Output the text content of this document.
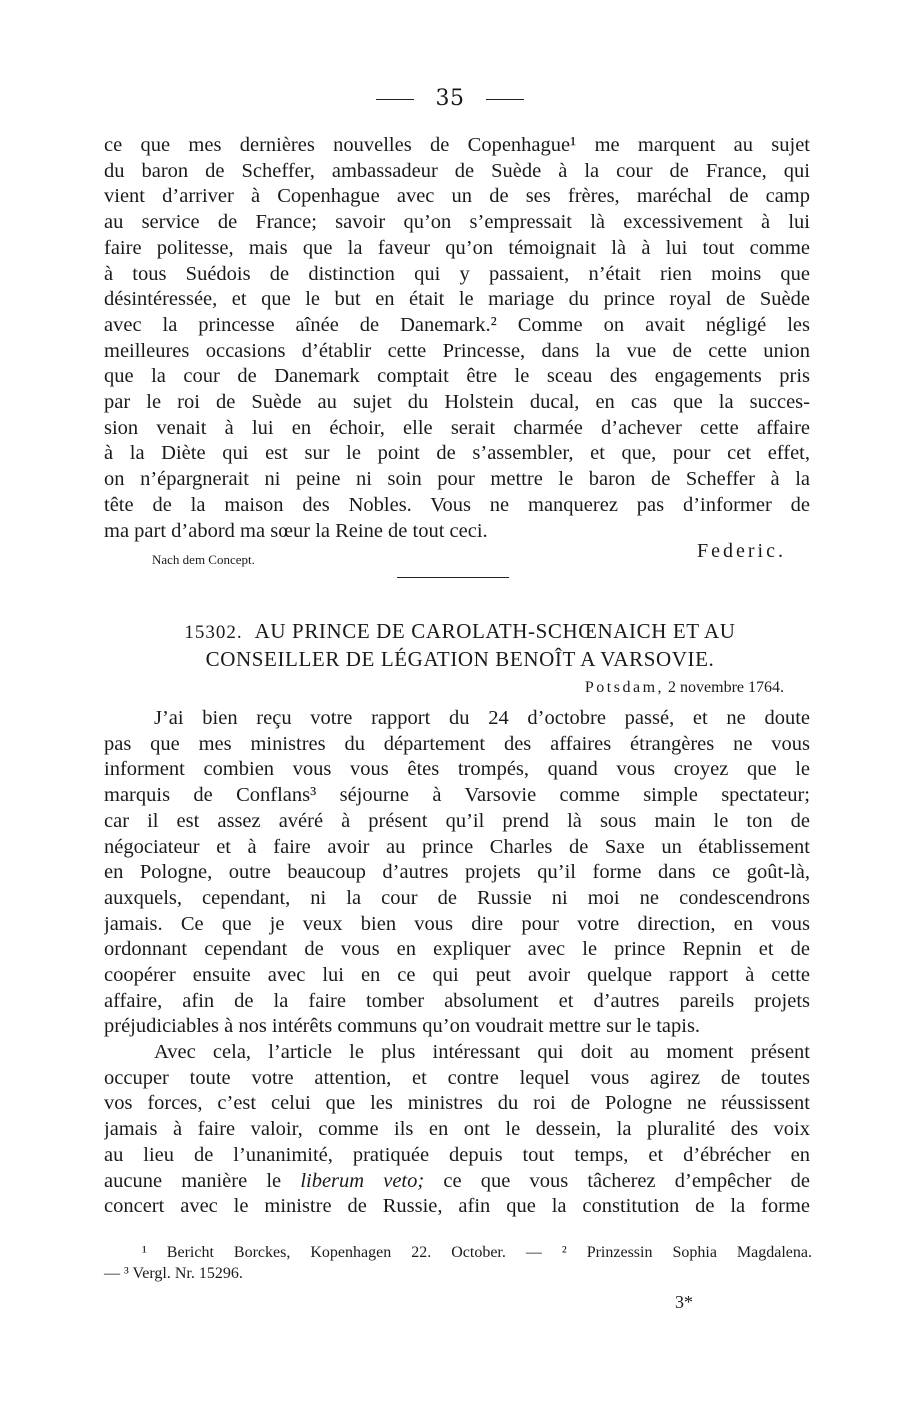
35
ce que mes dernières nouvelles de Copenhague¹ me marquent au sujet
du baron de Scheffer, ambassadeur de Suède à la cour de France, qui
vient d’arriver à Copenhague avec un de ses frères, maréchal de camp
au service de France; savoir qu’on s’empressait là excessivement à lui
faire politesse, mais que la faveur qu’on témoignait là à lui tout comme
à tous Suédois de distinction qui y passaient, n’était rien moins que
désintéressée, et que le but en était le mariage du prince royal de Suède
avec la princesse aînée de Danemark.² Comme on avait négligé les
meilleures occasions d’établir cette Princesse, dans la vue de cette union
que la cour de Danemark comptait être le sceau des engagements pris
par le roi de Suède au sujet du Holstein ducal, en cas que la succes-
sion venait à lui en échoir, elle serait charmée d’achever cette affaire
à la Diète qui est sur le point de s’assembler, et que, pour cet effet,
on n’épargnerait ni peine ni soin pour mettre le baron de Scheffer à la
tête de la maison des Nobles. Vous ne manquerez pas d’informer de
ma part d’abord ma sœur la Reine de tout ceci.
Nach dem Concept.	Federic.
15302. AU PRINCE DE CAROLATH-SCHŒNAICH ET AU
CONSEILLER DE LÉGATION BENOÎT A VARSOVIE.
Potsdam, 2 novembre 1764.
J’ai bien reçu votre rapport du 24 d’octobre passé, et ne doute
pas que mes ministres du département des affaires étrangères ne vous
informent combien vous vous êtes trompés, quand vous croyez que le
marquis de Conflans³ séjourne à Varsovie comme simple spectateur;
car il est assez avéré à présent qu’il prend là sous main le ton de
négociateur et à faire avoir au prince Charles de Saxe un établissement
en Pologne, outre beaucoup d’autres projets qu’il forme dans ce goût-là,
auxquels, cependant, ni la cour de Russie ni moi ne condescendrons
jamais. Ce que je veux bien vous dire pour votre direction, en vous
ordonnant cependant de vous en expliquer avec le prince Repnin et de
coopérer ensuite avec lui en ce qui peut avoir quelque rapport à cette
affaire, afin de la faire tomber absolument et d’autres pareils projets
préjudiciables à nos intérêts communs qu’on voudrait mettre sur le tapis.
Avec cela, l’article le plus intéressant qui doit au moment présent
occuper toute votre attention, et contre lequel vous agirez de toutes
vos forces, c’est celui que les ministres du roi de Pologne ne réussissent
jamais à faire valoir, comme ils en ont le dessein, la pluralité des voix
au lieu de l’unanimité, pratiquée depuis tout temps, et d’ébrécher en
aucune manière le liberum veto; ce que vous tâcherez d’empêcher de
concert avec le ministre de Russie, afin que la constitution de la forme
¹ Bericht Borckes, Kopenhagen 22. October. — ² Prinzessin Sophia Magdalena.
— ³ Vergl. Nr. 15296.
3*
